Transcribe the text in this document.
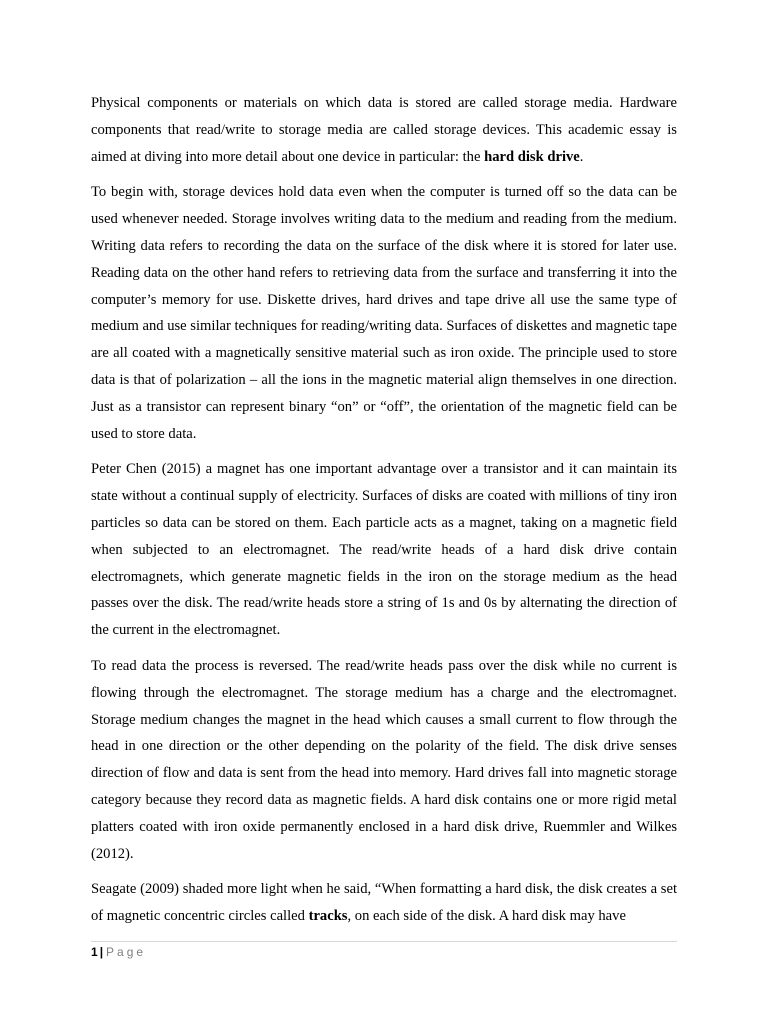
Physical components or materials on which data is stored are called storage media. Hardware components that read/write to storage media are called storage devices. This academic essay is aimed at diving into more detail about one device in particular: the hard disk drive.

To begin with, storage devices hold data even when the computer is turned off so the data can be used whenever needed. Storage involves writing data to the medium and reading from the medium. Writing data refers to recording the data on the surface of the disk where it is stored for later use. Reading data on the other hand refers to retrieving data from the surface and transferring it into the computer’s memory for use. Diskette drives, hard drives and tape drive all use the same type of medium and use similar techniques for reading/writing data. Surfaces of diskettes and magnetic tape are all coated with a magnetically sensitive material such as iron oxide. The principle used to store data is that of polarization – all the ions in the magnetic material align themselves in one direction. Just as a transistor can represent binary “on” or “off”, the orientation of the magnetic field can be used to store data.

Peter Chen (2015) a magnet has one important advantage over a transistor and it can maintain its state without a continual supply of electricity. Surfaces of disks are coated with millions of tiny iron particles so data can be stored on them. Each particle acts as a magnet, taking on a magnetic field when subjected to an electromagnet. The read/write heads of a hard disk drive contain electromagnets, which generate magnetic fields in the iron on the storage medium as the head passes over the disk. The read/write heads store a string of 1s and 0s by alternating the direction of the current in the electromagnet.

To read data the process is reversed. The read/write heads pass over the disk while no current is flowing through the electromagnet. The storage medium has a charge and the electromagnet. Storage medium changes the magnet in the head which causes a small current to flow through the head in one direction or the other depending on the polarity of the field. The disk drive senses direction of flow and data is sent from the head into memory. Hard drives fall into magnetic storage category because they record data as magnetic fields. A hard disk contains one or more rigid metal platters coated with iron oxide permanently enclosed in a hard disk drive, Ruemmler and Wilkes (2012).

Seagate (2009) shaded more light when he said, “When formatting a hard disk, the disk creates a set of magnetic concentric circles called tracks, on each side of the disk. A hard disk may have

1 | Page
